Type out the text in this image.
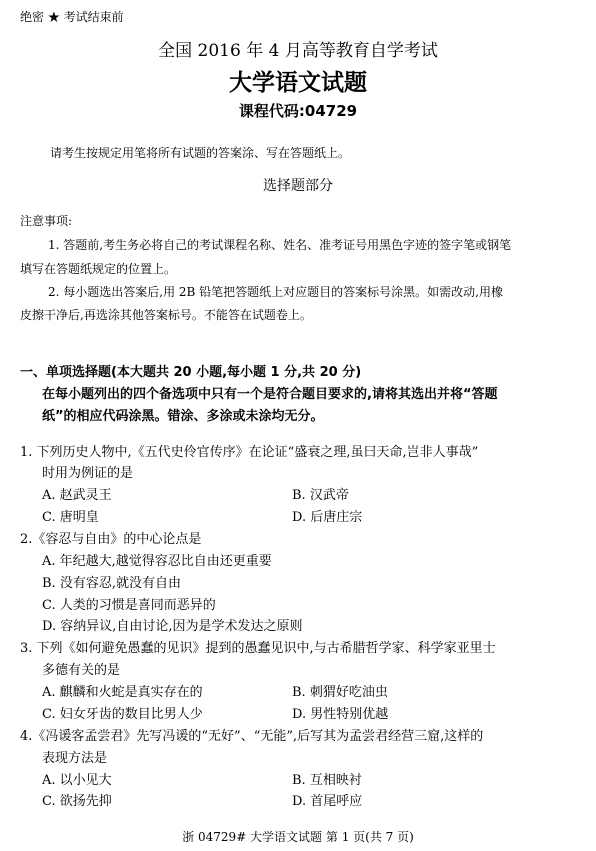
绝密 ★ 考试结束前
全国 2016 年 4 月高等教育自学考试
大学语文试题
课程代码:04729
请考生按规定用笔将所有试题的答案涂、写在答题纸上。
选择题部分
注意事项:
1. 答题前,考生务必将自己的考试课程名称、姓名、准考证号用黑色字迹的签字笔或钢笔
填写在答题纸规定的位置上。
2. 每小题选出答案后,用 2B 铅笔把答题纸上对应题目的答案标号涂黑。如需改动,用橡
皮擦干净后,再选涂其他答案标号。不能答在试题卷上。
一、单项选择题(本大题共 20 小题,每小题 1 分,共 20 分)
在每小题列出的四个备选项中只有一个是符合题目要求的,请将其选出并将“答题
纸”的相应代码涂黑。错涂、多涂或未涂均无分。
1. 下列历史人物中,《五代史伶官传序》在论证“盛衰之理,虽曰天命,岂非人事哉”
时用为例证的是
A. 赵武灵王	B. 汉武帝
C. 唐明皇	D. 后唐庄宗
2.《容忍与自由》的中心论点是
A. 年纪越大,越觉得容忍比自由还更重要
B. 没有容忍,就没有自由
C. 人类的习惯是喜同而恶异的
D. 容纳异议,自由讨论,因为是学术发达之原则
3. 下列《如何避免愚蠢的见识》提到的愚蠢见识中,与古希腊哲学家、科学家亚里士
多德有关的是
A. 麒麟和火蛇是真实存在的	B. 刺猬好吃油虫
C. 妇女牙齿的数目比男人少	D. 男性特别优越
4.《冯谖客孟尝君》先写冯谖的“无好”、“无能”,后写其为孟尝君经营三窟,这样的
表现方法是
A. 以小见大	B. 互相映衬
C. 欲扬先抑	D. 首尾呼应
浙 04729# 大学语文试题 第 1 页(共 7 页)
